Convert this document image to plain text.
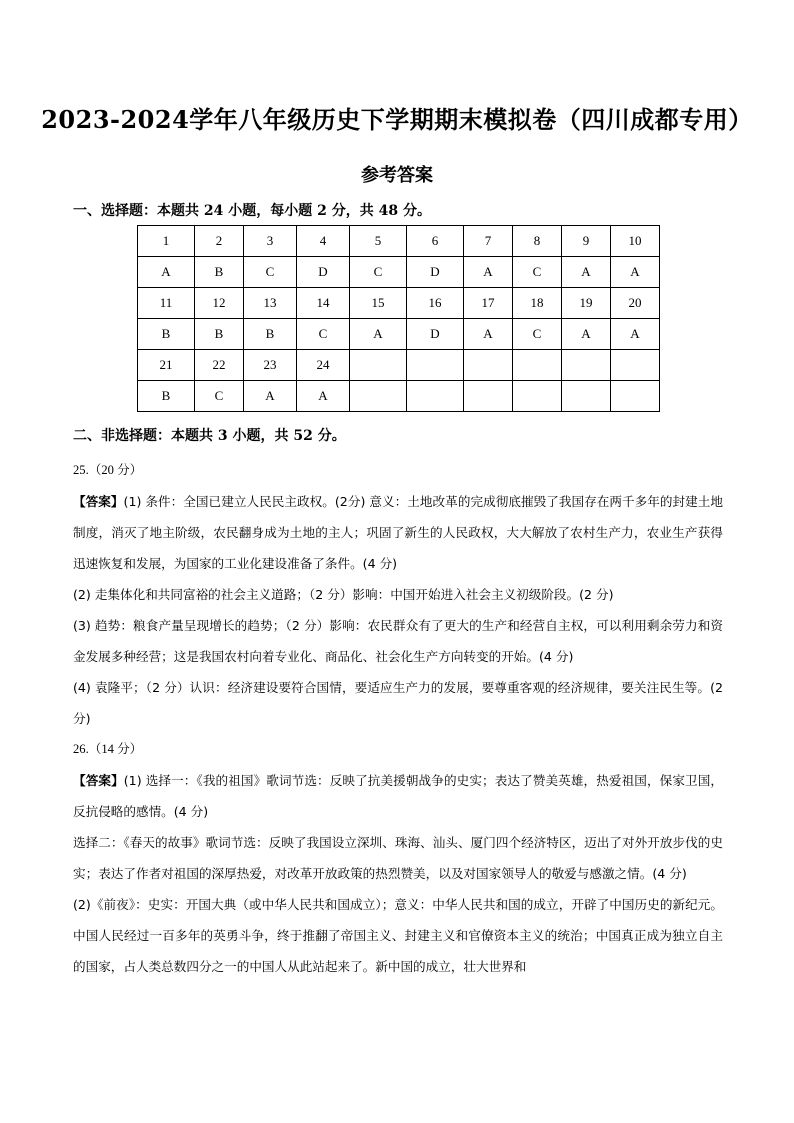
2023-2024学年八年级历史下学期期末模拟卷（四川成都专用）
参考答案
一、选择题：本题共 24 小题，每小题 2 分，共 48 分。
1	2	3	4	5	6	7	8	9	10
A	B	C	D	C	D	A	C	A	A
11	12	13	14	15	16	17	18	19	20
B	B	B	C	A	D	A	C	A	A
21	22	23	24						
B	C	A	A						
二、非选择题：本题共 3 小题，共 52 分。

25.（20 分）

【答案】(1) 条件：全国已建立人民民主政权。(2分) 意义：土地改革的完成彻底摧毁了我国存在两千多年的封建土地制度，消灭了地主阶级，农民翻身成为土地的主人；巩固了新生的人民政权，大大解放了农村生产力，农业生产获得迅速恢复和发展，为国家的工业化建设准备了条件。(4 分)

(2) 走集体化和共同富裕的社会主义道路；（2 分）影响：中国开始进入社会主义初级阶段。(2 分)

(3) 趋势：粮食产量呈现增长的趋势；（2 分）影响：农民群众有了更大的生产和经营自主权，可以利用剩余劳力和资金发展多种经营；这是我国农村向着专业化、商品化、社会化生产方向转变的开始。(4 分)

(4) 袁隆平；（2 分）认识：经济建设要符合国情，要适应生产力的发展，要尊重客观的经济规律，要关注民生等。(2 分)

26.（14 分）

【答案】(1) 选择一：《我的祖国》歌词节选：反映了抗美援朝战争的史实；表达了赞美英雄，热爱祖国，保家卫国，反抗侵略的感情。(4 分)

选择二：《春天的故事》歌词节选：反映了我国设立深圳、珠海、汕头、厦门四个经济特区，迈出了对外开放步伐的史实；表达了作者对祖国的深厚热爱，对改革开放政策的热烈赞美，以及对国家领导人的敬爱与感激之情。(4 分)

(2)《前夜》：史实：开国大典（或中华人民共和国成立）；意义：中华人民共和国的成立，开辟了中国历史的新纪元。中国人民经过一百多年的英勇斗争，终于推翻了帝国主义、封建主义和官僚资本主义的统治；中国真正成为独立自主的国家，占人类总数四分之一的中国人从此站起来了。新中国的成立，壮大世界和
